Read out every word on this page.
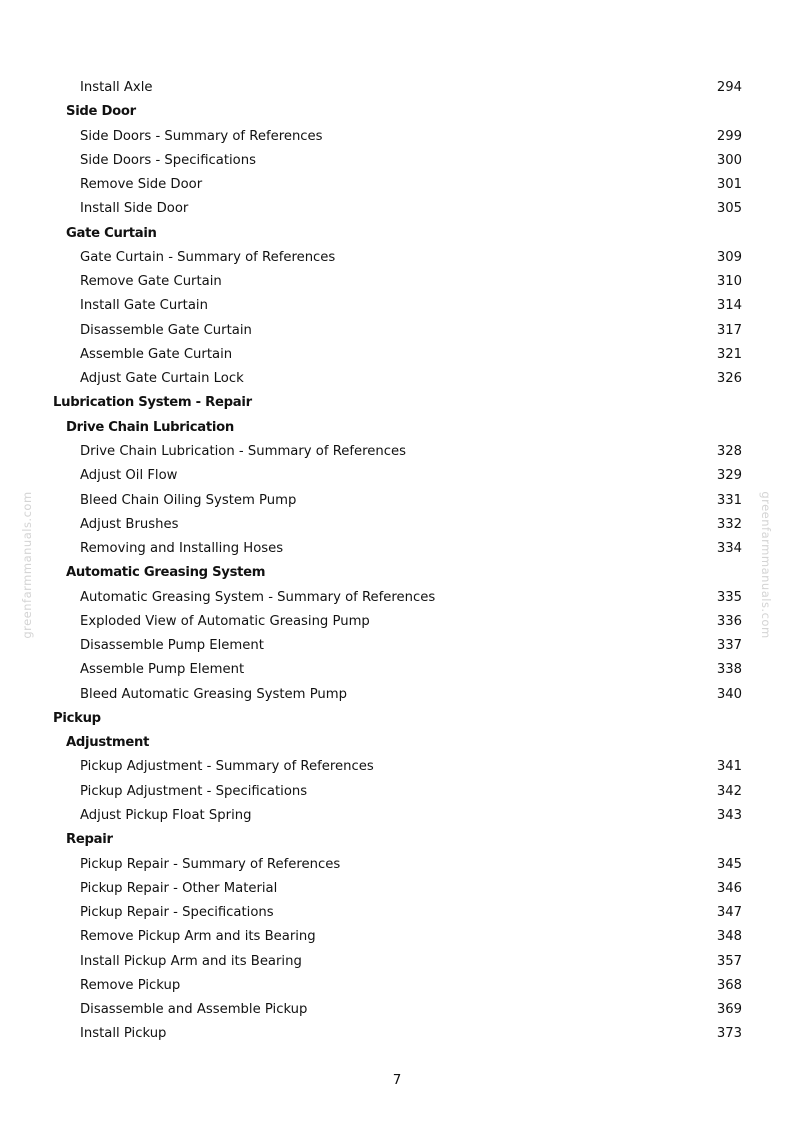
greenfarmmanuals.com	greenfarmmanuals.com
Install Axle	294
Side Door
Side Doors - Summary of References	299
Side Doors - Specifications	300
Remove Side Door	301
Install Side Door	305
Gate Curtain
Gate Curtain - Summary of References	309
Remove Gate Curtain	310
Install Gate Curtain	314
Disassemble Gate Curtain	317
Assemble Gate Curtain	321
Adjust Gate Curtain Lock	326
Lubrication System - Repair
Drive Chain Lubrication
Drive Chain Lubrication - Summary of References	328
Adjust Oil Flow	329
Bleed Chain Oiling System Pump	331
Adjust Brushes	332
Removing and Installing Hoses	334
Automatic Greasing System
Automatic Greasing System - Summary of References	335
Exploded View of Automatic Greasing Pump	336
Disassemble Pump Element	337
Assemble Pump Element	338
Bleed Automatic Greasing System Pump	340
Pickup
Adjustment
Pickup Adjustment - Summary of References	341
Pickup Adjustment - Specifications	342
Adjust Pickup Float Spring	343
Repair
Pickup Repair - Summary of References	345
Pickup Repair - Other Material	346
Pickup Repair - Specifications	347
Remove Pickup Arm and its Bearing	348
Install Pickup Arm and its Bearing	357
Remove Pickup	368
Disassemble and Assemble Pickup	369
Install Pickup	373
7
